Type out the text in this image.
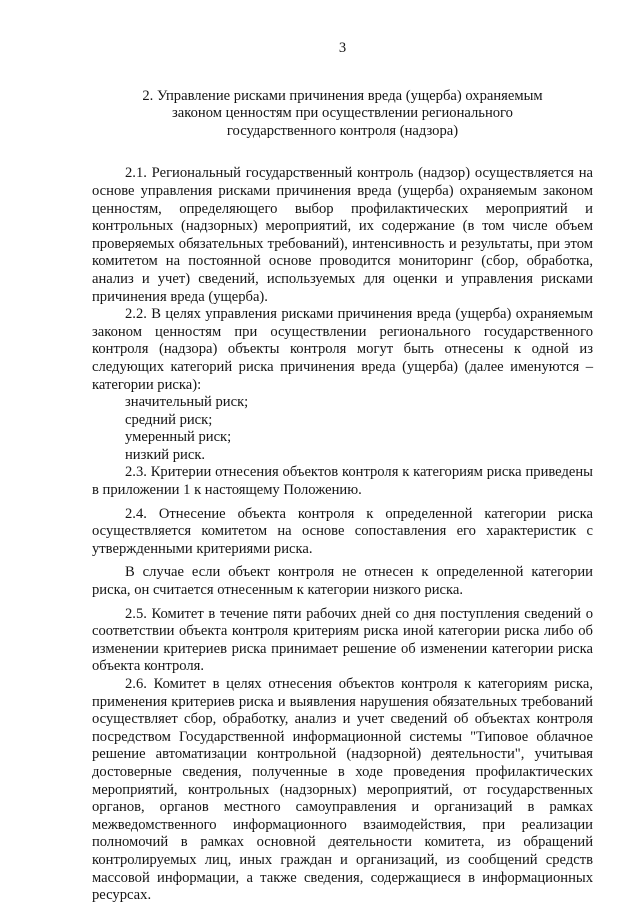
3
2. Управление рисками причинения вреда (ущерба) охраняемым
законом ценностям при осуществлении регионального
государственного контроля (надзора)

2.1. Региональный государственный контроль (надзор) осуществляется на основе управления рисками причинения вреда (ущерба) охраняемым законом ценностям, определяющего выбор профилактических мероприятий и контрольных (надзорных) мероприятий, их содержание (в том числе объем проверяемых обязательных требований), интенсивность и результаты, при этом комитетом на постоянной основе проводится мониторинг (сбор, обработка, анализ и учет) сведений, используемых для оценки и управления рисками причинения вреда (ущерба).

2.2. В целях управления рисками причинения вреда (ущерба) охраняемым законом ценностям при осуществлении регионального государственного контроля (надзора) объекты контроля могут быть отнесены к одной из следующих категорий риска причинения вреда (ущерба) (далее именуются – категории риска):

значительный риск;

средний риск;

умеренный риск;

низкий риск.

2.3. Критерии отнесения объектов контроля к категориям риска приведены в приложении 1 к настоящему Положению.

2.4. Отнесение объекта контроля к определенной категории риска осуществляется комитетом на основе сопоставления его характеристик с утвержденными критериями риска.

В случае если объект контроля не отнесен к определенной категории риска, он считается отнесенным к категории низкого риска.

2.5. Комитет в течение пяти рабочих дней со дня поступления сведений о соответствии объекта контроля критериям риска иной категории риска либо об изменении критериев риска принимает решение об изменении категории риска объекта контроля.

2.6. Комитет в целях отнесения объектов контроля к категориям риска, применения критериев риска и выявления нарушения обязательных требований осуществляет сбор, обработку, анализ и учет сведений об объектах контроля посредством Государственной информационной системы "Типовое облачное решение автоматизации контрольной (надзорной) деятельности", учитывая достоверные сведения, полученные в ходе проведения профилактических мероприятий, контрольных (надзорных) мероприятий, от государственных органов, органов местного самоуправления и организаций в рамках межведомственного информационного взаимодействия, при реализации полномочий в рамках основной деятельности комитета, из обращений контролируемых лиц, иных граждан и организаций, из сообщений средств массовой информации, а также сведения, содержащиеся в информационных ресурсах.
